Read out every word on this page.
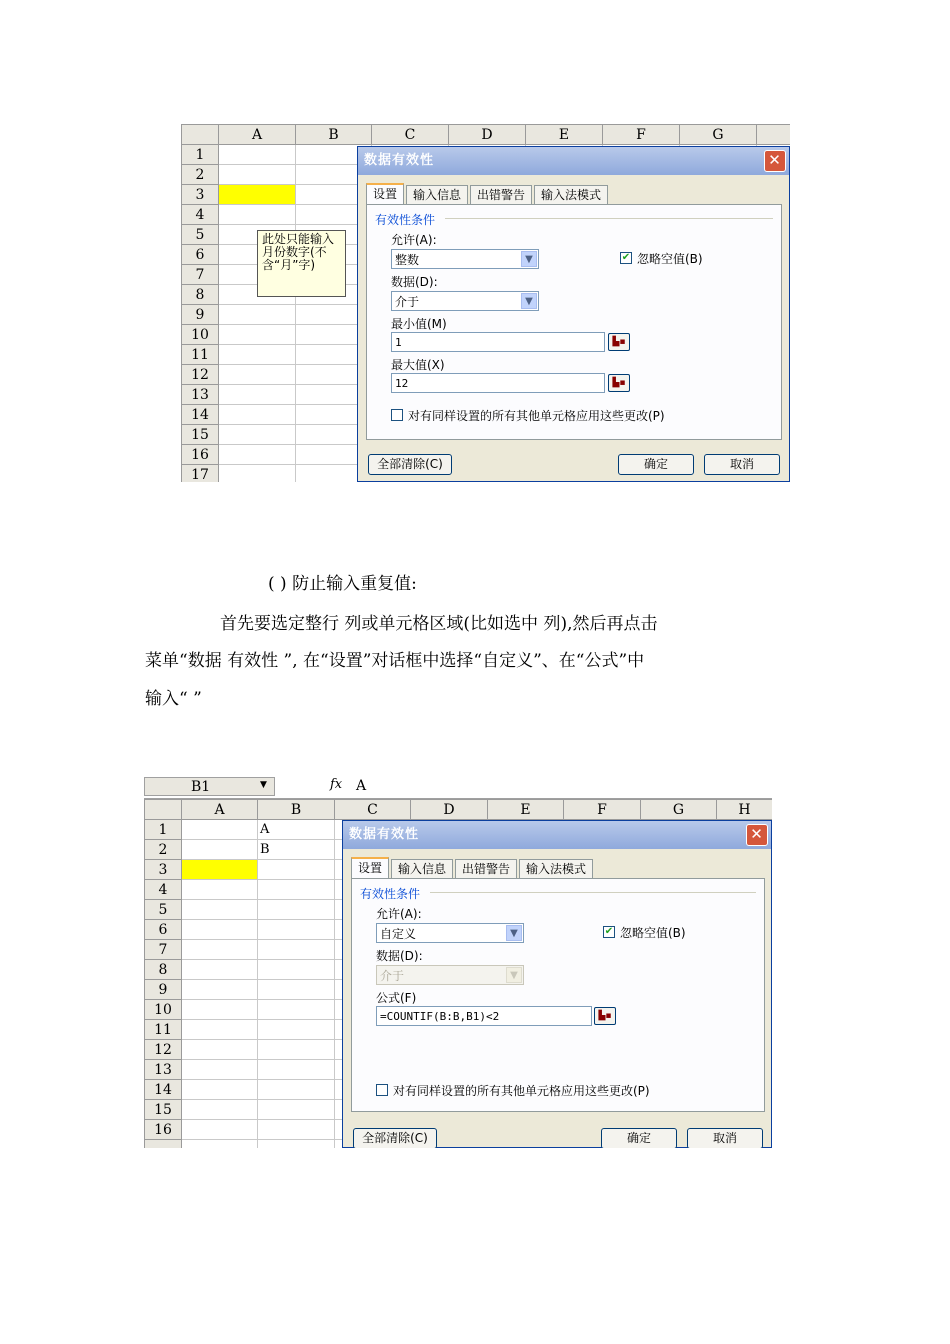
	A	B	C	D	E	F	G	
1								
2								
3								
4								
5								
6								
7								
8								
9								
10								
11								
12								
13								
14								
15								
16								
17								
此处只能输入
月份数字(不
含“月”字)
数据有效性	✕
设置	输入信息	出错警告	输入法模式
有效性条件
允许(A):
整数	▼	✔ 忽略空值(B)
数据(D):
介于	▼
最小值(M)
1	▙▪
最大值(X)
12	▙▪
对有同样设置的所有其他单元格应用这些更改(P)
全部清除(C)	确定	取消
( ) 防止输入重复值:
首先要选定整行 列或单元格区域(比如选中 列),然后再点击
菜单“数据 有效性 ”, 在“设置”对话框中选择“自定义”、在“公式”中
输入“ ”
B1	▼	fx A
	A	B	C	D	E	F	G	H
1		A						
2		B						
3								
4								
5								
6								
7								
8								
9								
10								
11								
12								
13								
14								
15								
16								

数据有效性	✕
设置	输入信息	出错警告	输入法模式
有效性条件
允许(A):
自定义	▼	✔ 忽略空值(B)
数据(D):
介于	▼
公式(F)
=COUNTIF(B:B,B1)<2	▙▪
对有同样设置的所有其他单元格应用这些更改(P)
全部清除(C)	确定	取消
